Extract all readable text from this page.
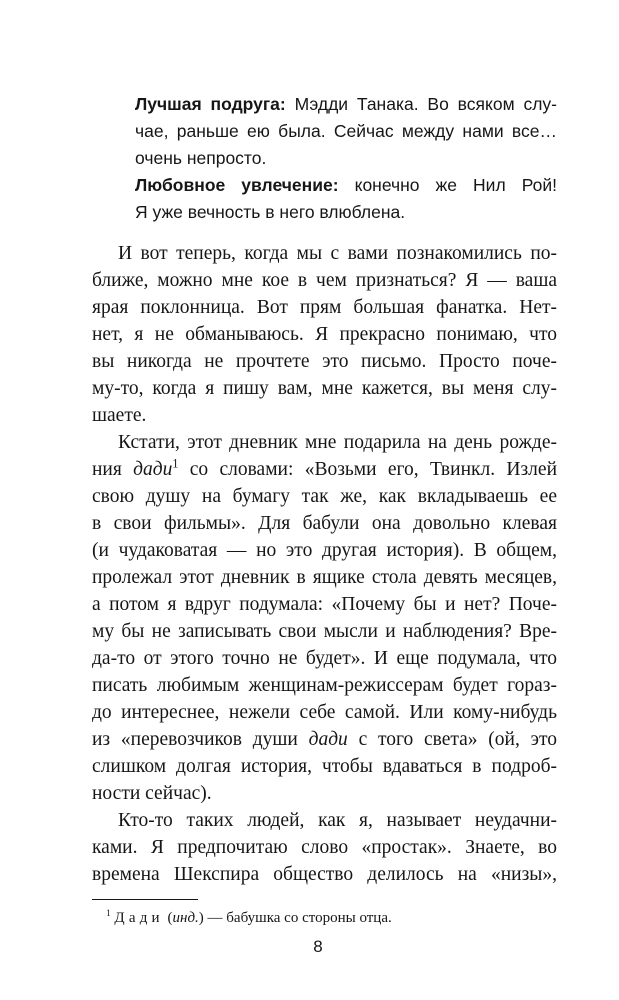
Лучшая подруга: Мэдди Танака. Во всяком слу-
чае, раньше ею была. Сейчас между нами все…
очень непросто.
Любовное увлечение: конечно же Нил Рой!
Я уже вечность в него влюблена.
И вот теперь, когда мы с вами познакомились по-
ближе, можно мне кое в чем признаться? Я — ваша
ярая поклонница. Вот прям большая фанатка. Нет-
нет, я не обманываюсь. Я прекрасно понимаю, что
вы никогда не прочтете это письмо. Просто поче-
му-то, когда я пишу вам, мне кажется, вы меня слу-
шаете.
Кстати, этот дневник мне подарила на день рожде-
ния дади$^1$ со словами: «Возьми его, Твинкл. Излей
свою душу на бумагу так же, как вкладываешь ее
в свои фильмы». Для бабули она довольно клевая
(и чудаковатая — но это другая история). В общем,
пролежал этот дневник в ящике стола девять месяцев,
а потом я вдруг подумала: «Почему бы и нет? Поче-
му бы не записывать свои мысли и наблюдения? Вре-
да-то от этого точно не будет». И еще подумала, что
писать любимым женщинам-режиссерам будет гораз-
до интереснее, нежели себе самой. Или кому-нибудь
из «перевозчиков души дади с того света» (ой, это
слишком долгая история, чтобы вдаваться в подроб-
ности сейчас).
Кто-то таких людей, как я, называет неудачни-
ками. Я предпочитаю слово «простак». Знаете, во
времена Шекспира общество делилось на «низы»,
$^1$ Дади (инд.) — бабушка со стороны отца.
8
